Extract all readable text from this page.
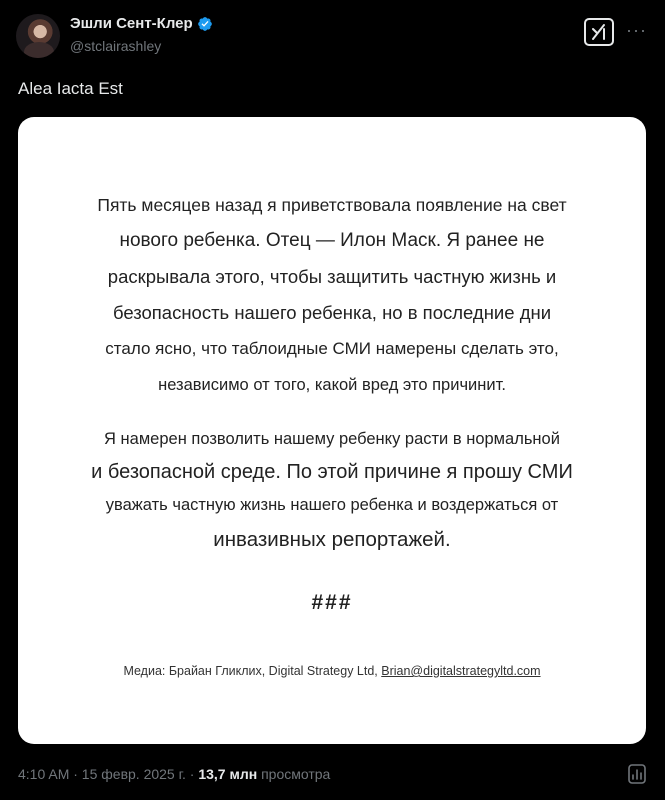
Эшли Сент-Клер
@stclairashley
···
Alea Iacta Est
Пять месяцев назад я приветствовала появление на свет
нового ребенка. Отец — Илон Маск. Я ранее не
раскрывала этого, чтобы защитить частную жизнь и
безопасность нашего ребенка, но в последние дни
стало ясно, что таблоидные СМИ намерены сделать это,
независимо от того, какой вред это причинит.
Я намерен позволить нашему ребенку расти в нормальной
и безопасной среде. По этой причине я прошу СМИ
уважать частную жизнь нашего ребенка и воздержаться от
инвазивных репортажей.
###
Медиа: Брайан Гликлих, Digital Strategy Ltd, Brian@digitalstrategyltd.com
4:10 AM · 15 февр. 2025 г. · 13,7 млн просмотра
